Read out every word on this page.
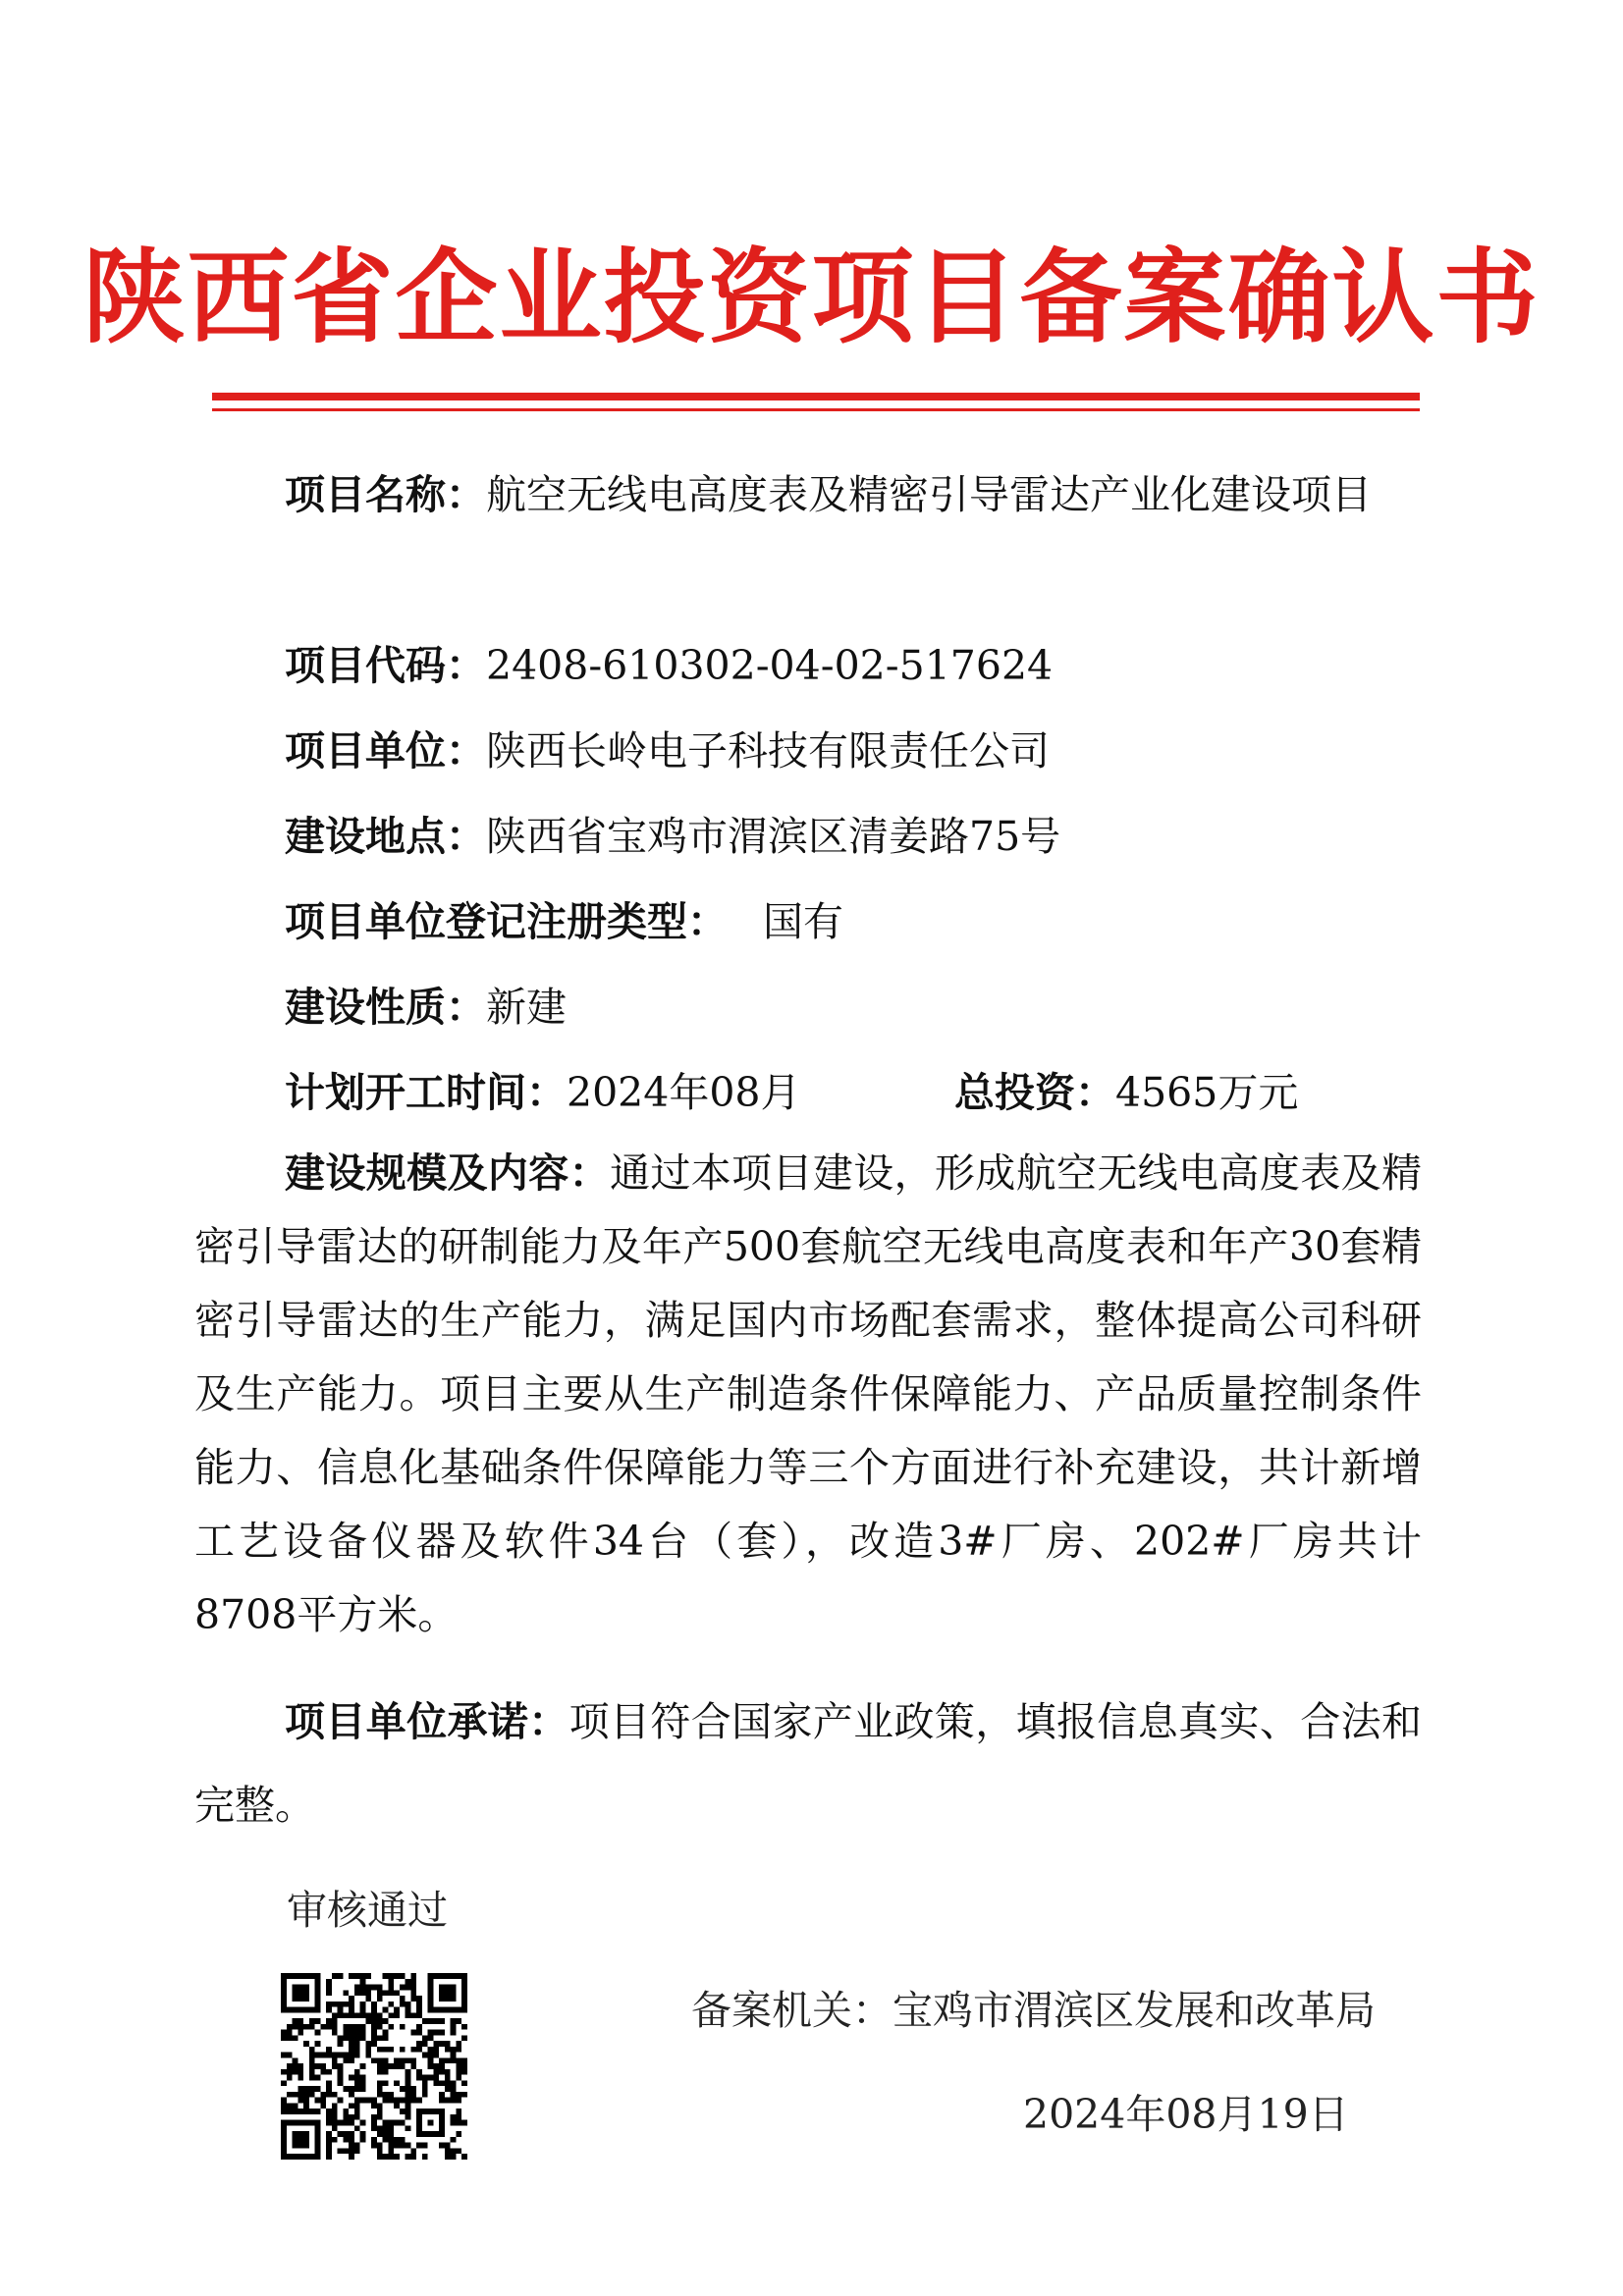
陕西省企业投资项目备案确认书

项目名称：航空无线电高度表及精密引导雷达产业化建设项目

项目代码：2408-610302-04-02-517624
项目单位：陕西长岭电子科技有限责任公司
建设地点：陕西省宝鸡市渭滨区清姜路75号
项目单位登记注册类型： 国有
建设性质：新建
计划开工时间：2024年08月	总投资：4565万元

建设规模及内容：通过本项目建设，形成航空无线电高度表及精密引导雷达的研制能力及年产500套航空无线电高度表和年产30套精密引导雷达的生产能力，满足国内市场配套需求，整体提高公司科研及生产能力。项目主要从生产制造条件保障能力、产品质量控制条件能力、信息化基础条件保障能力等三个方面进行补充建设，共计新增工艺设备仪器及软件34台（套），改造3#厂房、202#厂房共计8708平方米。

项目单位承诺：项目符合国家产业政策，填报信息真实、合法和完整。

审核通过
备案机关：宝鸡市渭滨区发展和改革局
2024年08月19日
